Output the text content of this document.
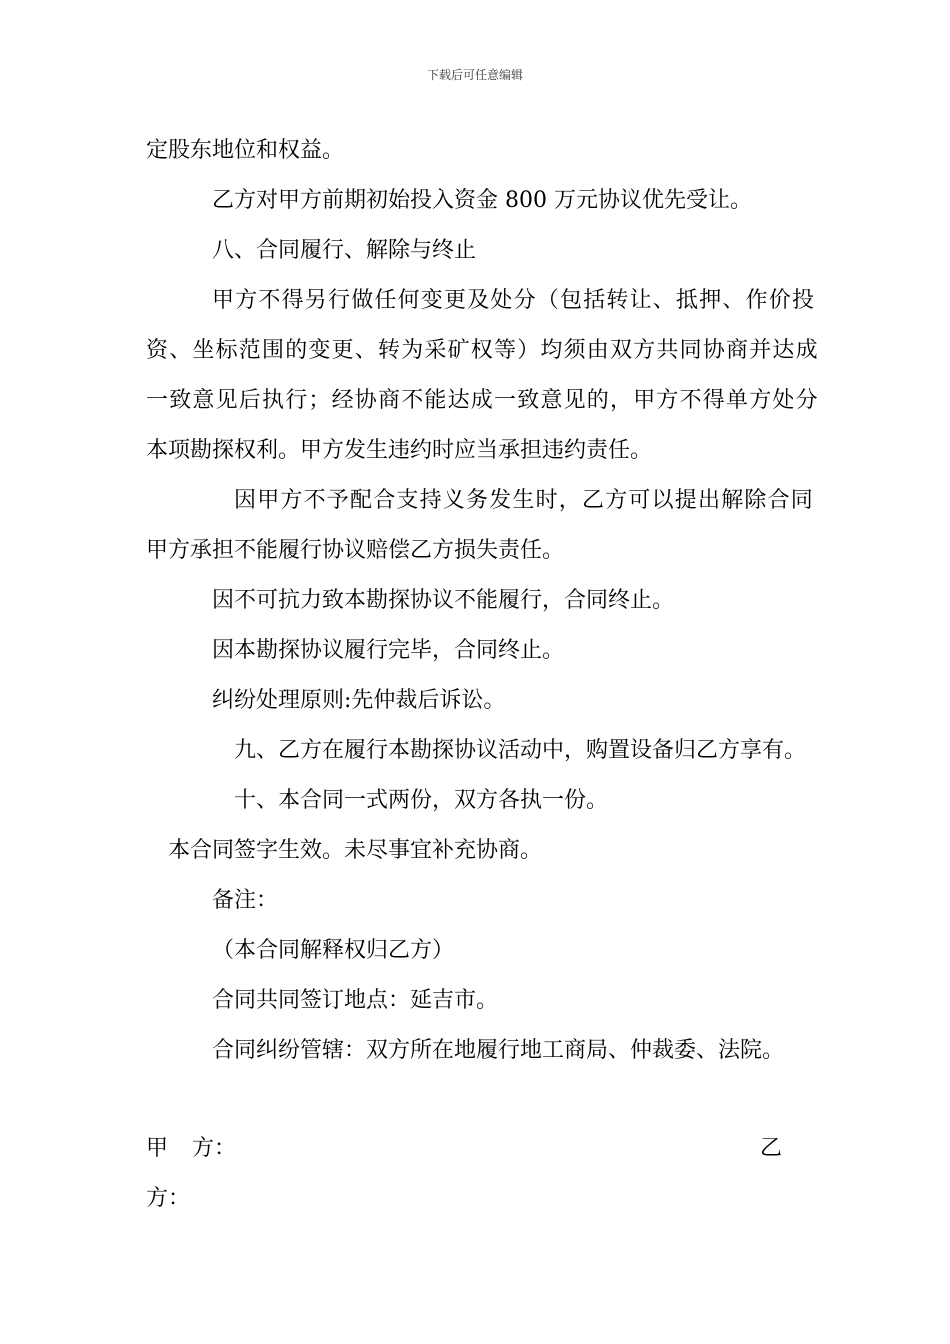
下载后可任意编辑
定股东地位和权益。
乙方对甲方前期初始投入资金 800 万元协议优先受让。
八、合同履行、解除与终止
甲方不得另行做任何变更及处分（包括转让、抵押、作价投
资、坐标范围的变更、转为采矿权等）均须由双方共同协商并达成
一致意见后执行；经协商不能达成一致意见的，甲方不得单方处分
本项勘探权利。甲方发生违约时应当承担违约责任。
因甲方不予配合支持义务发生时，乙方可以提出解除合同
甲方承担不能履行协议赔偿乙方损失责任。
因不可抗力致本勘探协议不能履行，合同终止。
因本勘探协议履行完毕，合同终止。
纠纷处理原则:先仲裁后诉讼。
九、乙方在履行本勘探协议活动中，购置设备归乙方享有。
十、本合同一式两份，双方各执一份。
本合同签字生效。未尽事宜补充协商。
备注：
（本合同解释权归乙方）
合同共同签订地点：延吉市。
合同纠纷管辖：双方所在地履行地工商局、仲裁委、法院。
甲 方：	乙
方：
